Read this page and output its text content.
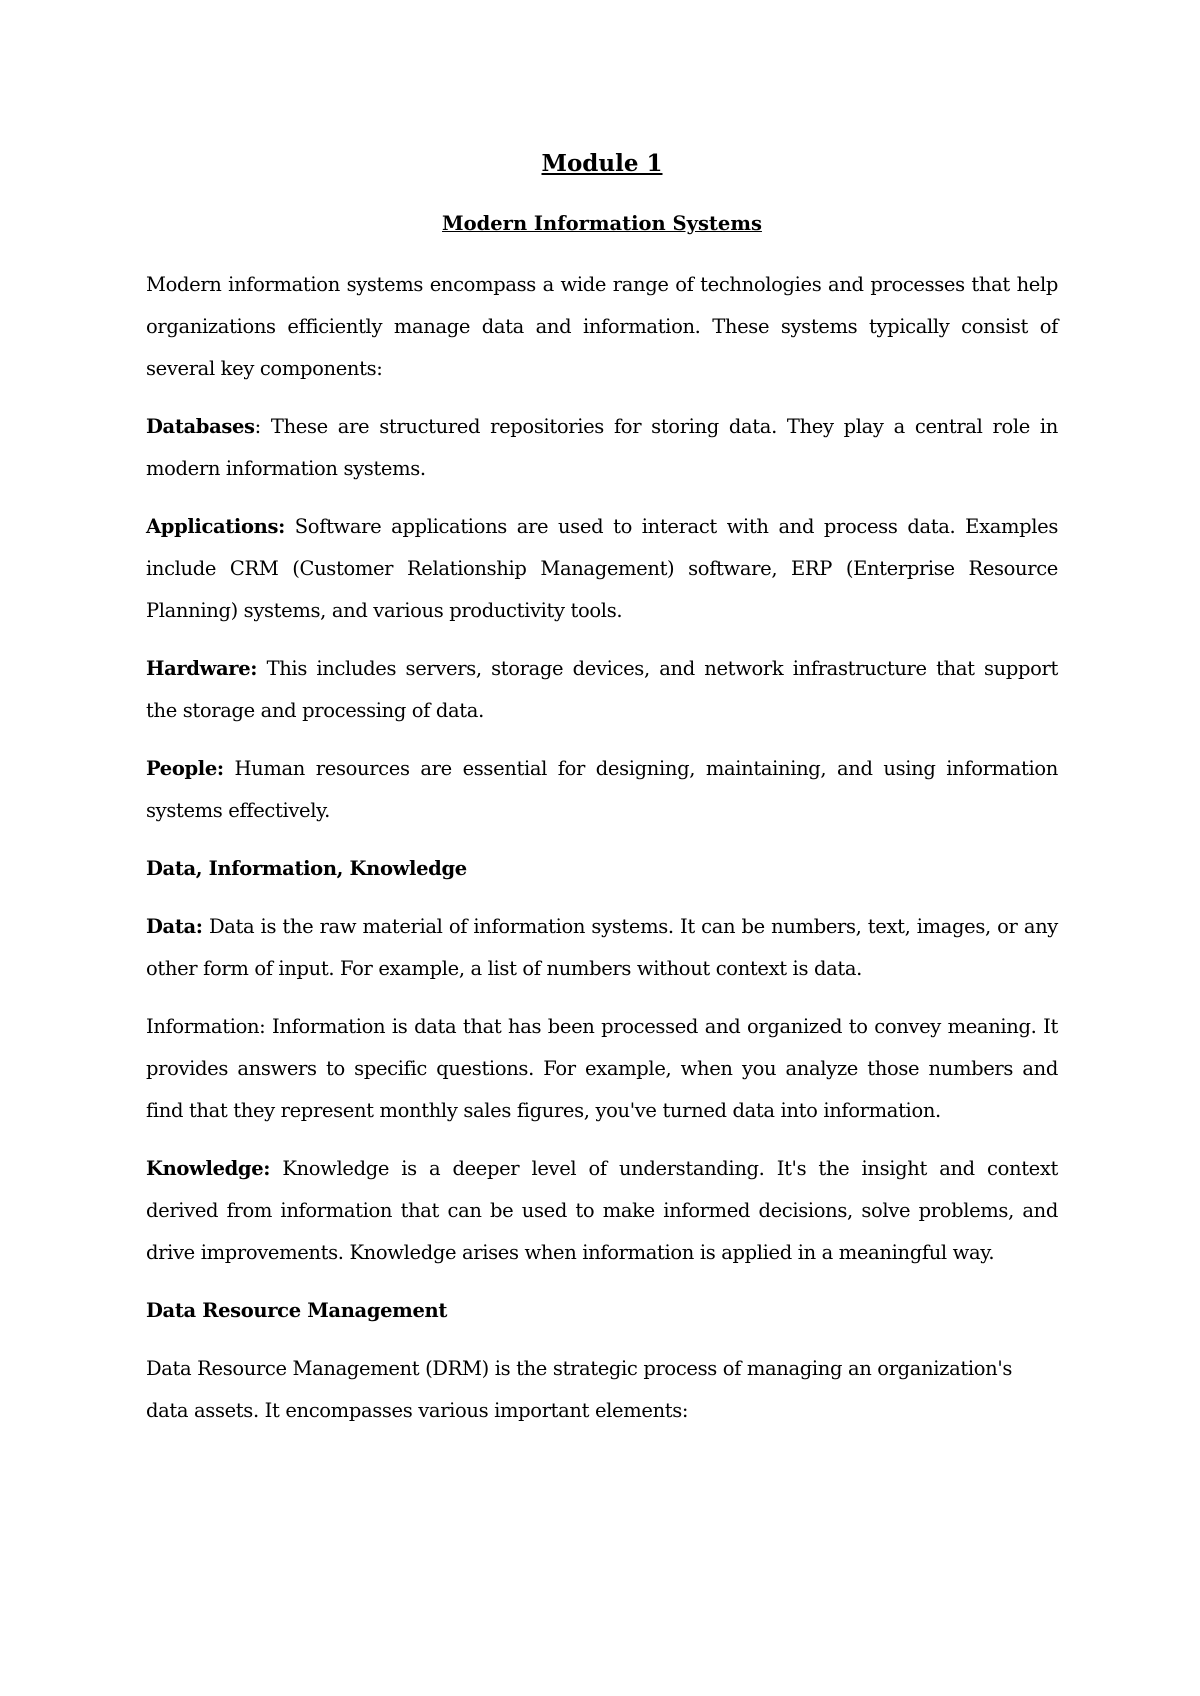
Module 1
Modern Information Systems

Modern information systems encompass a wide range of technologies and processes that help organizations efficiently manage data and information. These systems typically consist of several key components:

Databases: These are structured repositories for storing data. They play a central role in modern information systems.

Applications: Software applications are used to interact with and process data. Examples include CRM (Customer Relationship Management) software, ERP (Enterprise Resource Planning) systems, and various productivity tools.

Hardware: This includes servers, storage devices, and network infrastructure that support the storage and processing of data.

People: Human resources are essential for designing, maintaining, and using information systems effectively.

Data, Information, Knowledge

Data: Data is the raw material of information systems. It can be numbers, text, images, or any other form of input. For example, a list of numbers without context is data.

Information: Information is data that has been processed and organized to convey meaning. It provides answers to specific questions. For example, when you analyze those numbers and find that they represent monthly sales figures, you've turned data into information.

Knowledge: Knowledge is a deeper level of understanding. It's the insight and context derived from information that can be used to make informed decisions, solve problems, and drive improvements. Knowledge arises when information is applied in a meaningful way.

Data Resource Management

Data Resource Management (DRM) is the strategic process of managing an organization's data assets. It encompasses various important elements:
